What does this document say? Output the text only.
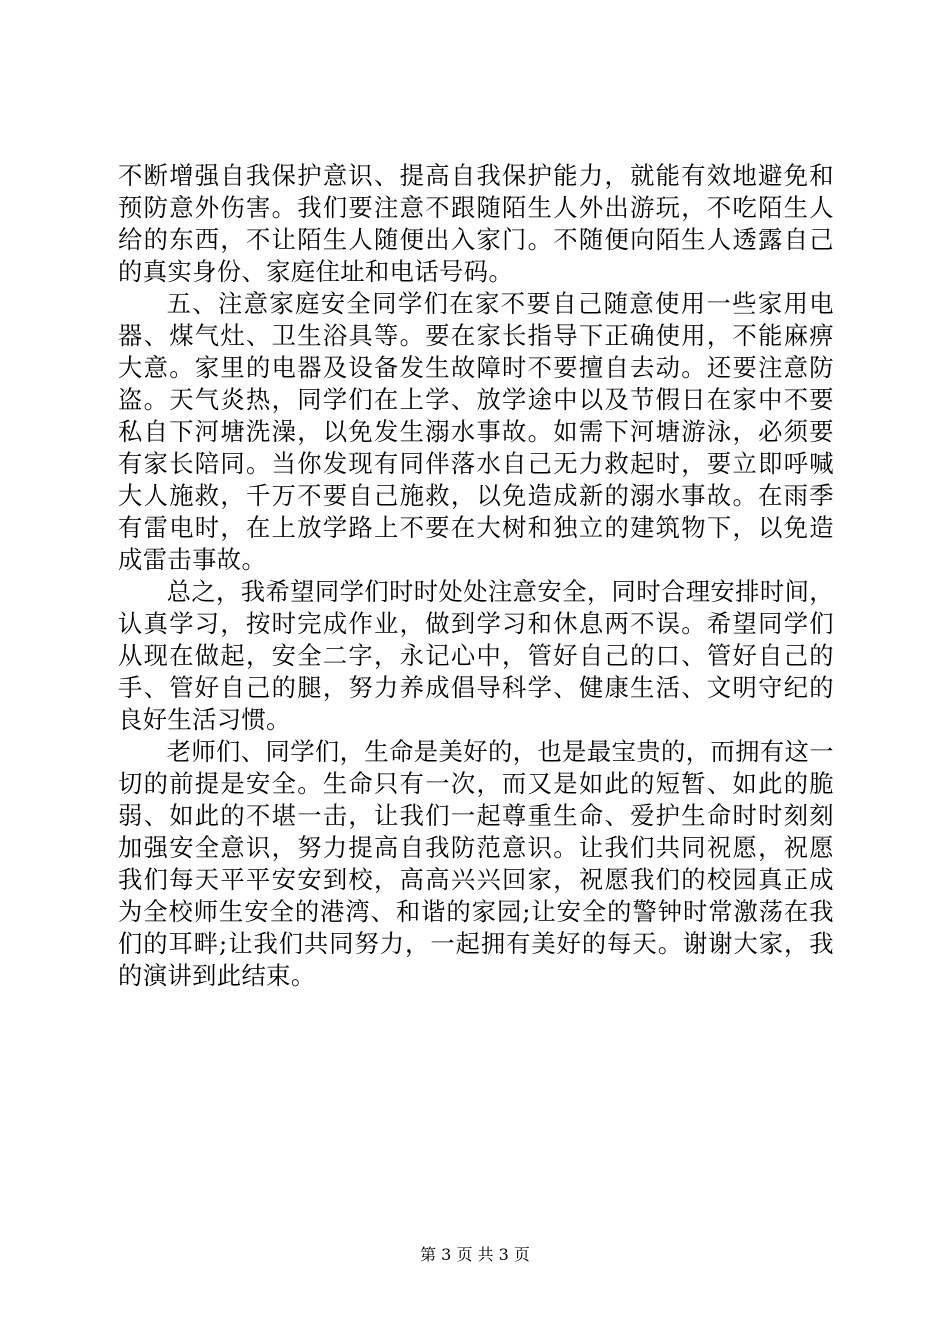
不断增强自我保护意识、提高自我保护能力，就能有效地避免和预防意外伤害。我们要注意不跟随陌生人外出游玩，不吃陌生人给的东西，不让陌生人随便出入家门。不随便向陌生人透露自己的真实身份、家庭住址和电话号码。

五、注意家庭安全同学们在家不要自己随意使用一些家用电器、煤气灶、卫生浴具等。要在家长指导下正确使用，不能麻痹大意。家里的电器及设备发生故障时不要擅自去动。还要注意防盗。天气炎热，同学们在上学、放学途中以及节假日在家中不要私自下河塘洗澡，以免发生溺水事故。如需下河塘游泳，必须要有家长陪同。当你发现有同伴落水自己无力救起时，要立即呼喊大人施救，千万不要自己施救，以免造成新的溺水事故。在雨季有雷电时，在上放学路上不要在大树和独立的建筑物下，以免造成雷击事故。

总之，我希望同学们时时处处注意安全，同时合理安排时间，认真学习，按时完成作业，做到学习和休息两不误。希望同学们从现在做起，安全二字，永记心中，管好自己的口、管好自己的手、管好自己的腿，努力养成倡导科学、健康生活、文明守纪的良好生活习惯。

老师们、同学们，生命是美好的，也是最宝贵的，而拥有这一切的前提是安全。生命只有一次，而又是如此的短暂、如此的脆弱、如此的不堪一击，让我们一起尊重生命、爱护生命时时刻刻加强安全意识，努力提高自我防范意识。让我们共同祝愿，祝愿我们每天平平安安到校，高高兴兴回家，祝愿我们的校园真正成为全校师生安全的港湾、和谐的家园;让安全的警钟时常激荡在我们的耳畔;让我们共同努力，一起拥有美好的每天。谢谢大家，我的演讲到此结束。

第 3 页 共 3 页
